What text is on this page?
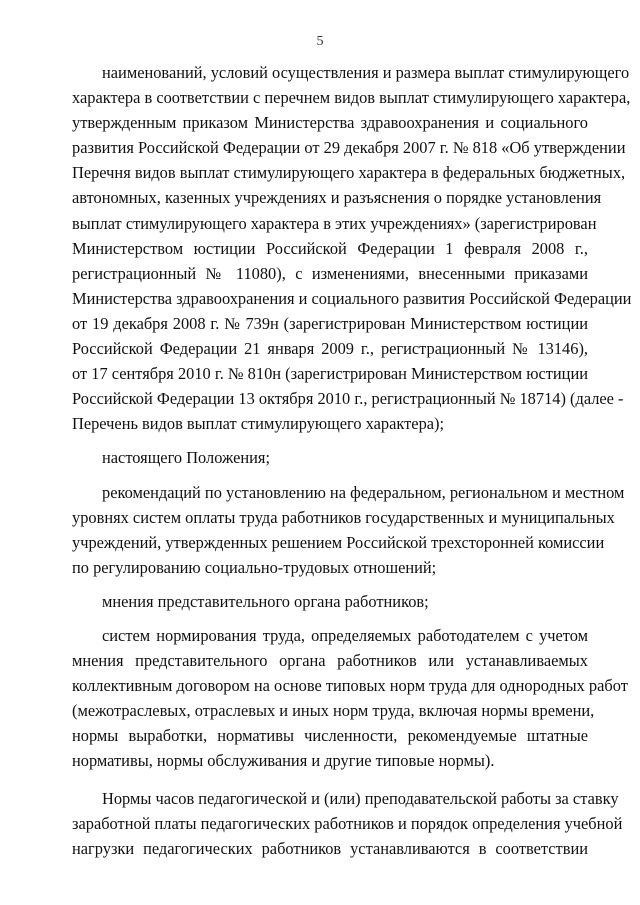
5
наименований, условий осуществления и размера выплат стимулирующего
характера в соответствии с перечнем видов выплат стимулирующего характера,
утвержденным приказом Министерства здравоохранения и социального
развития Российской Федерации от 29 декабря 2007 г. № 818 «Об утверждении
Перечня видов выплат стимулирующего характера в федеральных бюджетных,
автономных, казенных учреждениях и разъяснения о порядке установления
выплат стимулирующего характера в этих учреждениях» (зарегистрирован
Министерством юстиции Российской Федерации 1 февраля 2008 г.,
регистрационный № 11080), с изменениями, внесенными приказами
Министерства здравоохранения и социального развития Российской Федерации
от 19 декабря 2008 г. № 739н (зарегистрирован Министерством юстиции
Российской Федерации 21 января 2009 г., регистрационный № 13146),
от 17 сентября 2010 г. № 810н (зарегистрирован Министерством юстиции
Российской Федерации 13 октября 2010 г., регистрационный № 18714) (далее -
Перечень видов выплат стимулирующего характера);
настоящего Положения;
рекомендаций по установлению на федеральном, региональном и местном
уровнях систем оплаты труда работников государственных и муниципальных
учреждений, утвержденных решением Российской трехсторонней комиссии
по регулированию социально-трудовых отношений;
мнения представительного органа работников;
систем нормирования труда, определяемых работодателем с учетом
мнения представительного органа работников или устанавливаемых
коллективным договором на основе типовых норм труда для однородных работ
(межотраслевых, отраслевых и иных норм труда, включая нормы времени,
нормы выработки, нормативы численности, рекомендуемые штатные
нормативы, нормы обслуживания и другие типовые нормы).
Нормы часов педагогической и (или) преподавательской работы за ставку
заработной платы педагогических работников и порядок определения учебной
нагрузки педагогических работников устанавливаются в соответствии
